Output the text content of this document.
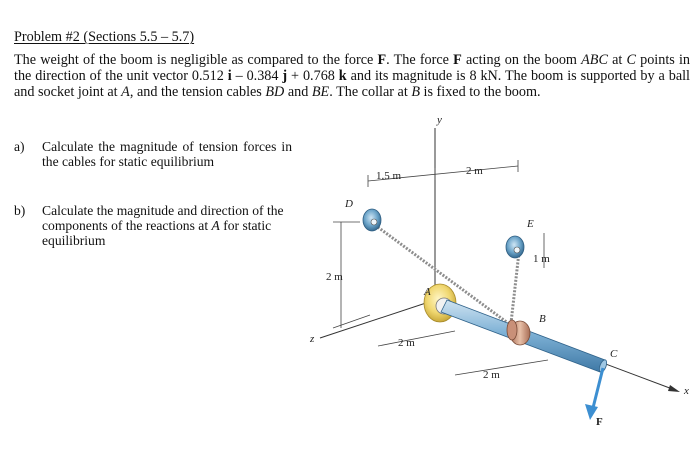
Problem #2 (Sections 5.5 – 5.7)
The weight of the boom is negligible as compared to the force F. The force F acting on the boom ABC at C points in the direction of the unit vector 0.512 i – 0.384 j + 0.768 k and its magnitude is 8 kN. The boom is supported by a ball and socket joint at A, and the tension cables BD and BE. The collar at B is fixed to the boom.
a) Calculate the magnitude of tension forces in the cables for static equilibrium
b) Calculate the magnitude and direction of the components of the reactions at A for static equilibrium
y
x
z
D
E
A
B
C
F
1.5 m	2 m
1 m
2 m
2 m
2 m
